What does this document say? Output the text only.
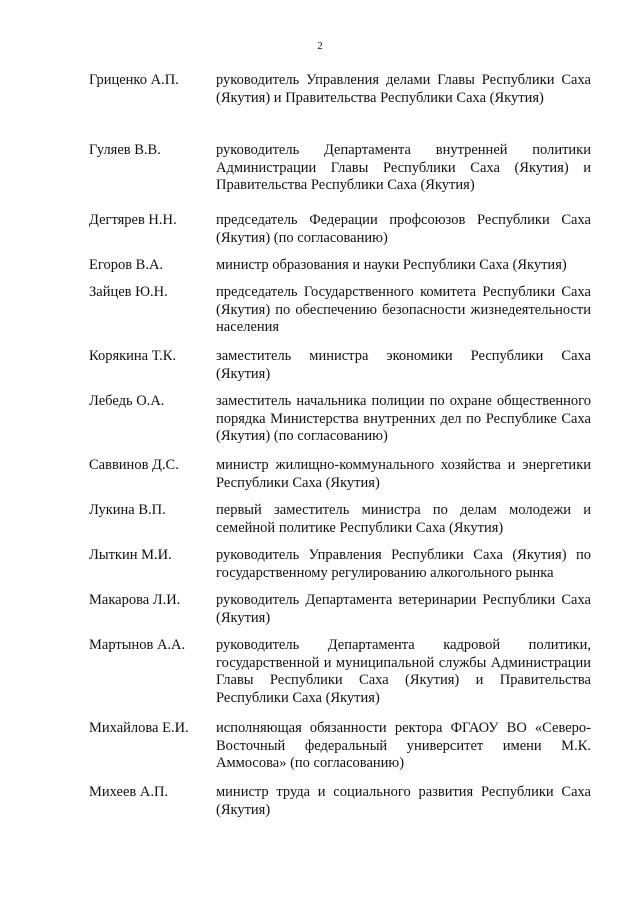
2
Гриценко А.П.	руководитель Управления делами Главы Республики Саха (Якутия) и Правительства Республики Саха (Якутия)
Гуляев В.В.	руководитель Департамента внутренней политики Администрации Главы Республики Саха (Якутия) и Правительства Республики Саха (Якутия)
Дегтярев Н.Н.	председатель Федерации профсоюзов Республики Саха (Якутия) (по согласованию)
Егоров В.А.	министр образования и науки Республики Саха (Якутия)
Зайцев Ю.Н.	председатель Государственного комитета Республики Саха (Якутия) по обеспечению безопасности жизнедеятельности населения
Корякина Т.К.	заместитель министра экономики Республики Саха (Якутия)
Лебедь О.А.	заместитель начальника полиции по охране общественного порядка Министерства внутренних дел по Республике Саха (Якутия) (по согласованию)
Саввинов Д.С.	министр жилищно-коммунального хозяйства и энергетики Республики Саха (Якутия)
Лукина В.П.	первый заместитель министра по делам молодежи и семейной политике Республики Саха (Якутия)
Лыткин М.И.	руководитель Управления Республики Саха (Якутия) по государственному регулированию алкогольного рынка
Макарова Л.И.	руководитель Департамента ветеринарии Республики Саха (Якутия)
Мартынов А.А.	руководитель Департамента кадровой политики, государственной и муниципальной службы Администрации Главы Республики Саха (Якутия) и Правительства Республики Саха (Якутия)
Михайлова Е.И.	исполняющая обязанности ректора ФГАОУ ВО «Северо-Восточный федеральный университет имени М.К. Аммосова» (по согласованию)
Михеев А.П.	министр труда и социального развития Республики Саха (Якутия)
